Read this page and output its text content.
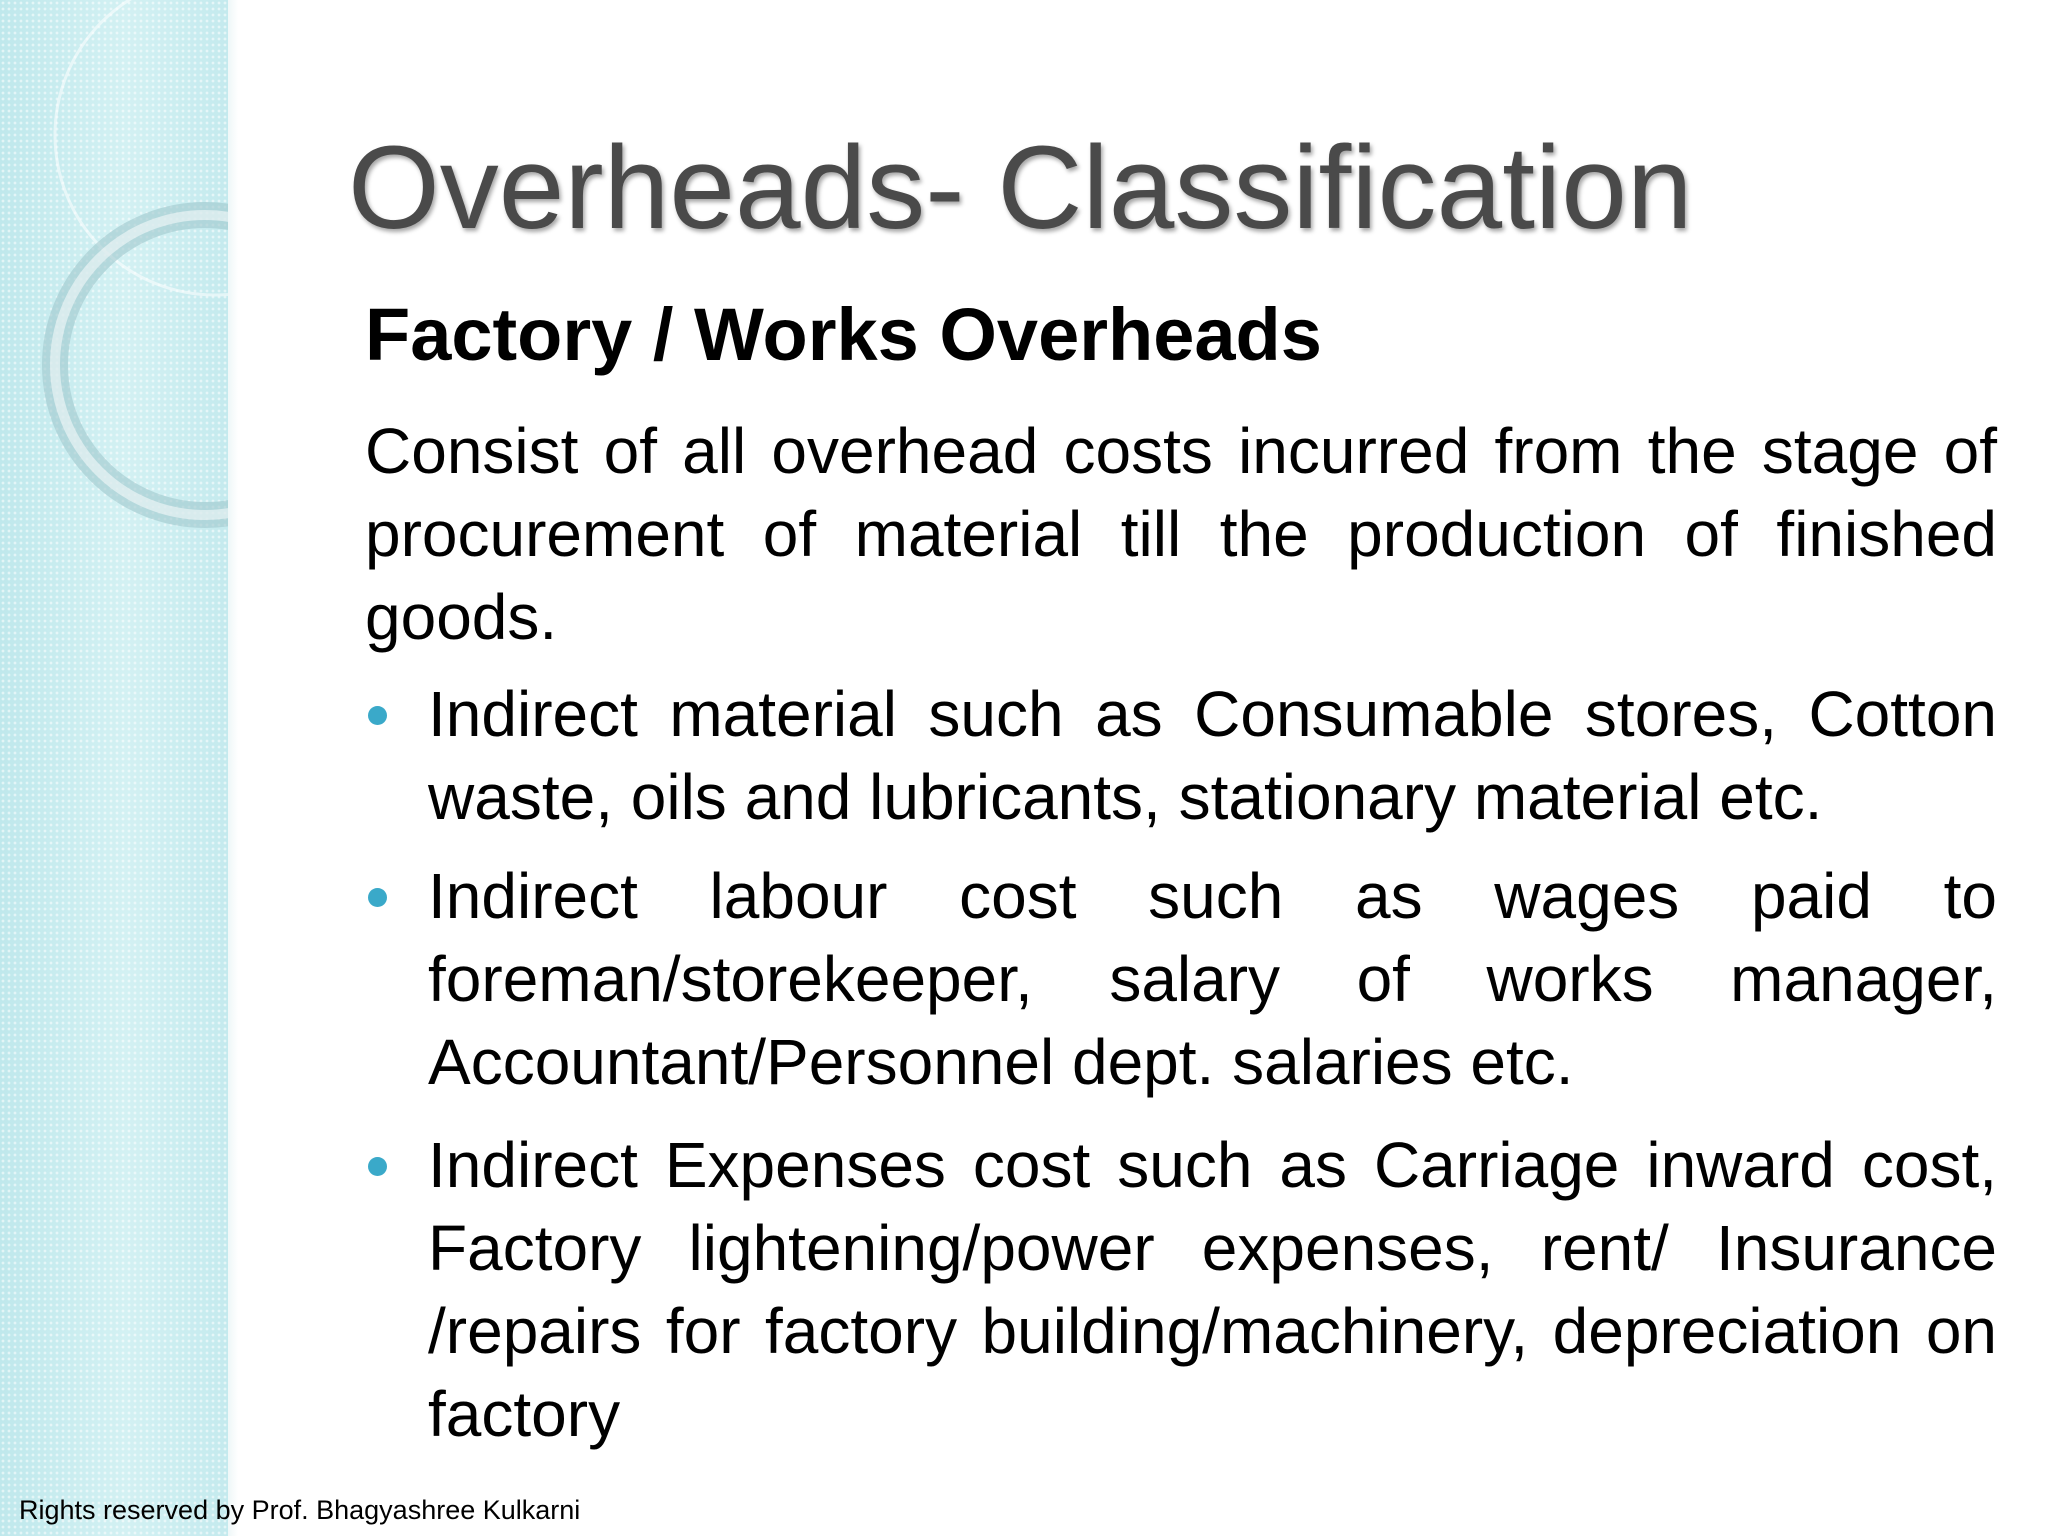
Overheads- Classification
Factory / Works Overheads

Consist of all overhead costs incurred from the stage of procurement of material till the production of finished goods.

Indirect material such as Consumable stores, Cotton waste, oils and lubricants, stationary material etc.
Indirect labour cost such as wages paid to foreman/storekeeper, salary of works manager, Accountant/Personnel dept. salaries etc.
Indirect Expenses cost such as Carriage inward cost, Factory lightening/power expenses, rent/ Insurance /repairs for factory building/machinery, depreciation on factory

Rights reserved by Prof. Bhagyashree Kulkarni
